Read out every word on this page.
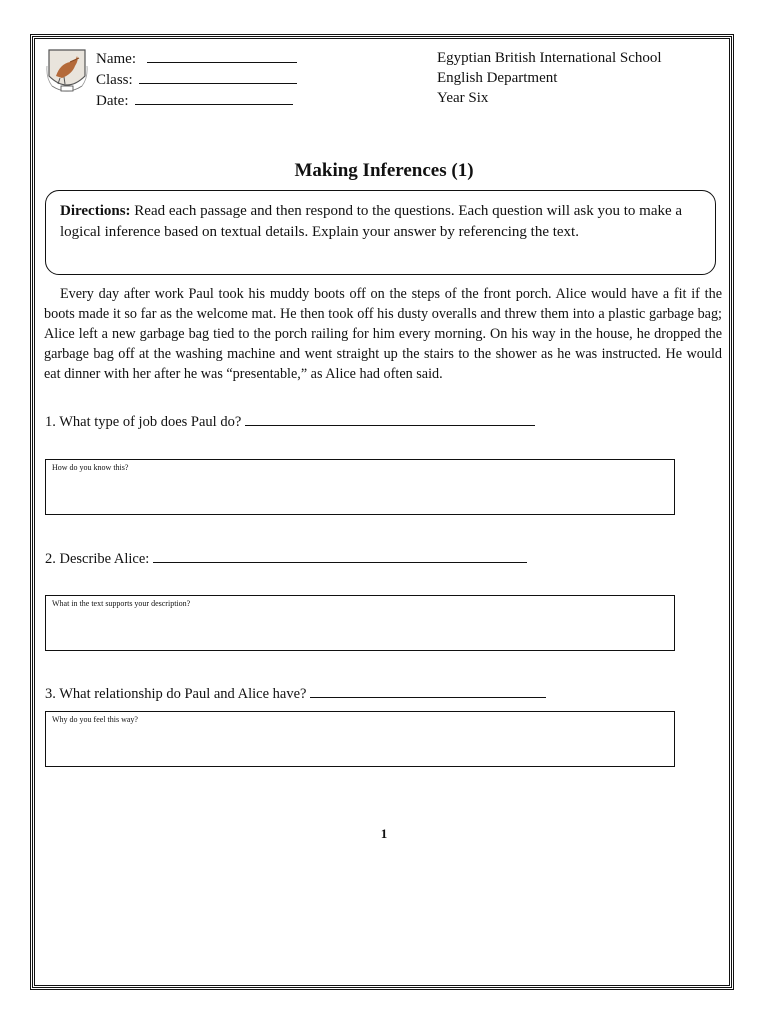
Name:
Class:
Date:
Egyptian British International School
English Department
Year Six
Making Inferences (1)
Directions: Read each passage and then respond to the questions. Each question will ask you to make a logical inference based on textual details. Explain your answer by referencing the text.
Every day after work Paul took his muddy boots off on the steps of the front porch. Alice would have a fit if the boots made it so far as the welcome mat. He then took off his dusty overalls and threw them into a plastic garbage bag; Alice left a new garbage bag tied to the porch railing for him every morning. On his way in the house, he dropped the garbage bag off at the washing machine and went straight up the stairs to the shower as he was instructed. He would eat dinner with her after he was “presentable,” as Alice had often said.
1. What type of job does Paul do?
How do you know this?
2. Describe Alice:
What in the text supports your description?
3. What relationship do Paul and Alice have?
Why do you feel this way?
1
